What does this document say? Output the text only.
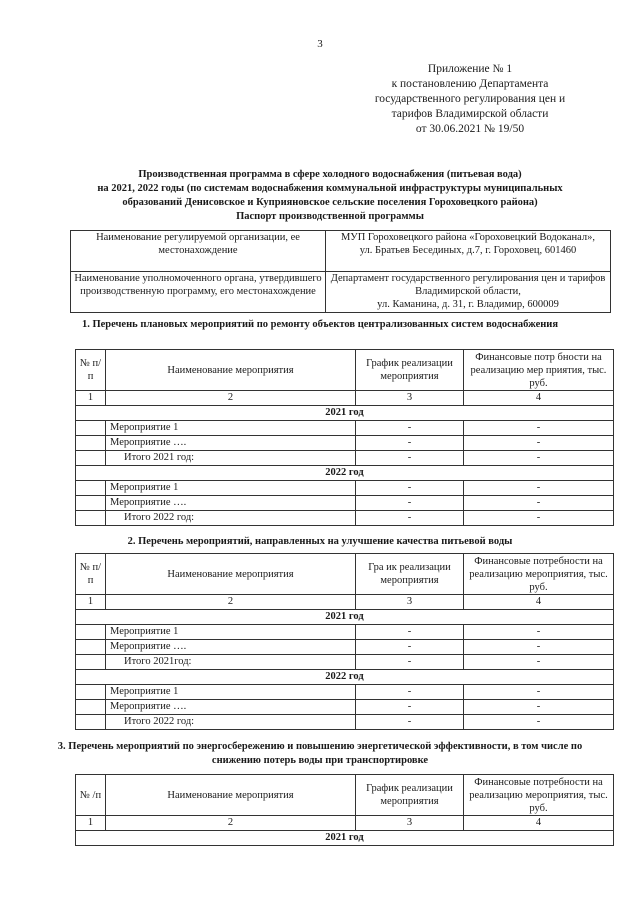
3
Приложение № 1
к постановлению Департамента
государственного регулирования цен и
тарифов Владимирской области
от 30.06.2021 № 19/50
Производственная программа в сфере холодного водоснабжения (питьевая вода)
на 2021, 2022 годы (по системам водоснабжения коммунальной инфраструктуры муниципальных
образований Денисовское и Куприяновское сельские поселения Гороховецкого района)
Паспорт производственной программы
Наименование регулируемой организации, ее местонахождение	МУП Гороховецкого района «Гороховецкий Водоканал»,
ул. Братьев Бесединых, д.7, г. Гороховец, 601460
Наименование уполномоченного органа, утвердившего производственную программу, его местонахождение	Департамент государственного регулирования цен и тарифов Владимирской области,
ул. Каманина, д. 31, г. Владимир, 600009
1. Перечень плановых мероприятий по ремонту объектов централизованных систем водоснабжения
№ п/п	Наименование мероприятия	График реализации мероприятия	Финансовые потр бности на реализацию мер приятия, тыс. руб.
1	2	3	4
2021 год			
	Мероприятие 1	-	-
	Мероприятие ….	-	-
	Итого 2021 год:	-	-
2022 год			
	Мероприятие 1	-	-
	Мероприятие ….	-	-
	Итого 2022 год:	-	-
2. Перечень мероприятий, направленных на улучшение качества питьевой воды
№ п/п	Наименование мероприятия	Гра ик реализации мероприятия	Финансовые потребности на реализацию мероприятия, тыс. руб.
1	2	3	4
2021 год			
	Мероприятие 1	-	-
	Мероприятие ….	-	-
	Итого 2021год:	-	-
2022 год			
	Мероприятие 1	-	-
	Мероприятие ….	-	-
	Итого 2022 год:	-	-
3. Перечень мероприятий по энергосбережению и повышению энергетической эффективности, в том числе по снижению потерь воды при транспортировке
№ /п	Наименование мероприятия	График реализации мероприятия	Финансовые потребности на реализацию мероприятия, тыс. руб.
1	2	3	4
2021 год			
